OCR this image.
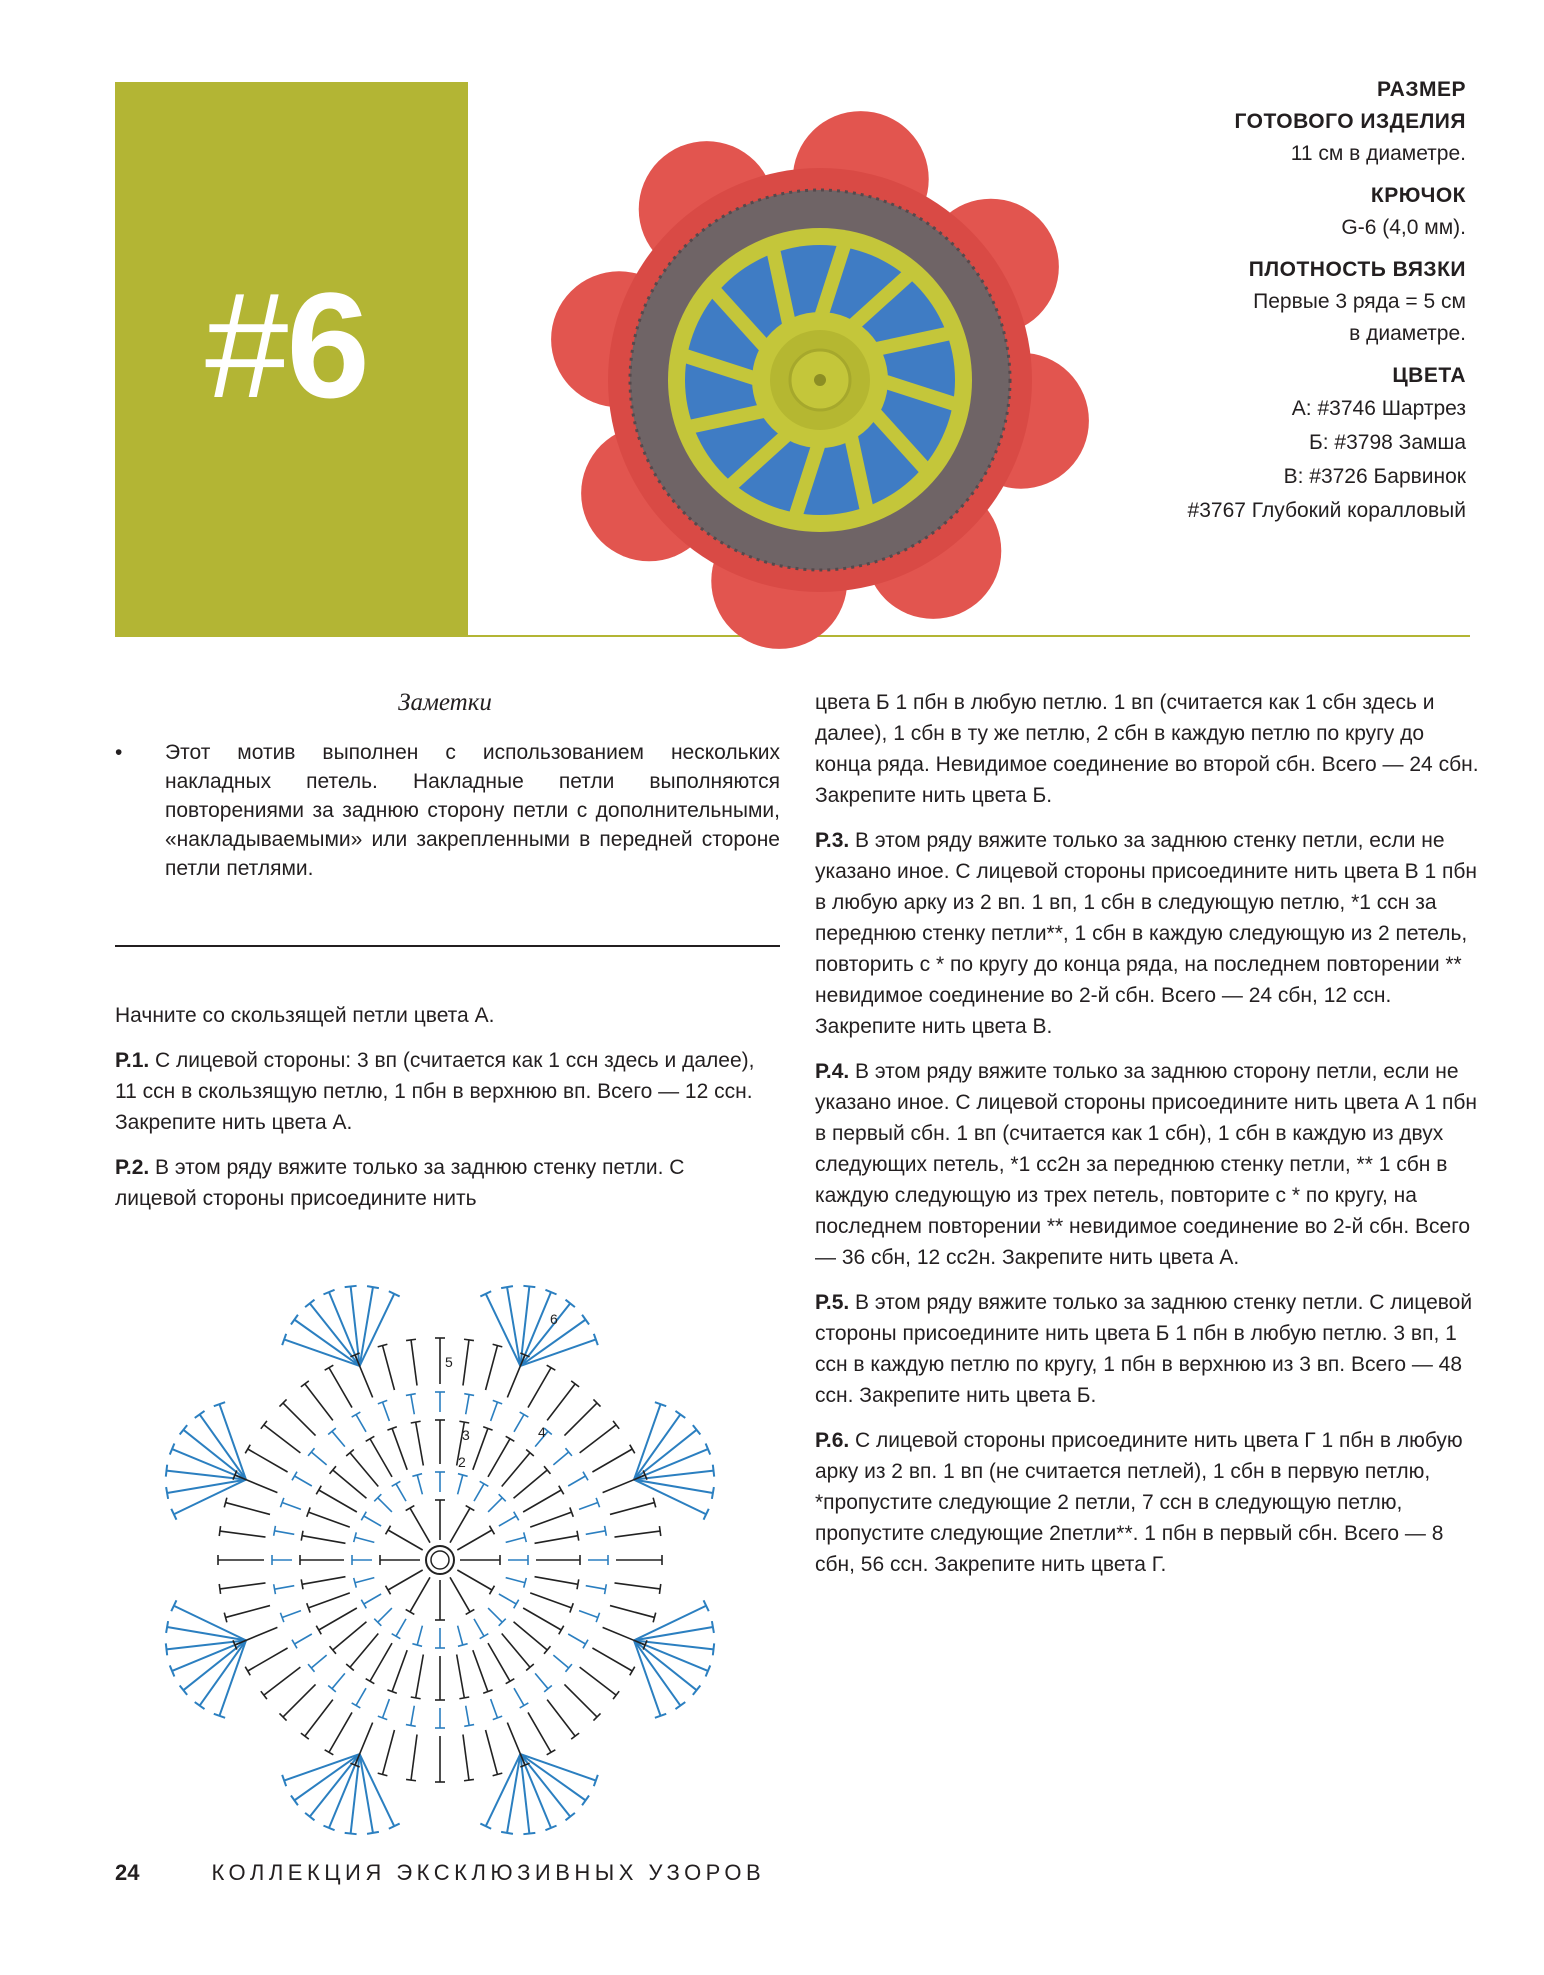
#6
РАЗМЕР
ГОТОВОГО ИЗДЕЛИЯ
11 см в диаметре.
КРЮЧОК
G-6 (4,0 мм).
ПЛОТНОСТЬ ВЯЗКИ
Первые 3 ряда = 5 см
в диаметре.
ЦВЕТА
А: #3746 Шартрез
Б: #3798 Замша
В: #3726 Барвинок
#3767 Глубокий коралловый
Заметки
• Этот мотив выполнен с использованием нескольких накладных петель. Накладные петли выполняются повторениями за заднюю сторону петли с дополнительными, «накладываемыми» или закрепленными в передней стороне петли петлями.

Начните со скользящей петли цвета А.

Р.1. С лицевой стороны: 3 вп (считается как 1 ссн здесь и далее), 11 ссн в скользящую петлю, 1 пбн в верхнюю вп. Всего — 12 ссн. Закрепите нить цвета А.

Р.2. В этом ряду вяжите только за заднюю стенку петли. С лицевой стороны присоедините нить

цвета Б 1 пбн в любую петлю. 1 вп (считается как 1 сбн здесь и далее), 1 сбн в ту же петлю, 2 сбн в каждую петлю по кругу до конца ряда. Невидимое соединение во второй сбн. Всего — 24 сбн. Закрепите нить цвета Б.

Р.3. В этом ряду вяжите только за заднюю стенку петли, если не указано иное. С лицевой стороны присоедините нить цвета В 1 пбн в любую арку из 2 вп. 1 вп, 1 сбн в следующую петлю, *1 ссн за переднюю стенку петли**, 1 сбн в каждую следующую из 2 петель, повторить с * по кругу до конца ряда, на последнем повторении ** невидимое соединение во 2-й сбн. Всего — 24 сбн, 12 ссн. Закрепите нить цвета В.

Р.4. В этом ряду вяжите только за заднюю сторону петли, если не указано иное. С лицевой стороны присоедините нить цвета А 1 пбн в первый сбн. 1 вп (считается как 1 сбн), 1 сбн в каждую из двух следующих петель, *1 сс2н за переднюю стенку петли, ** 1 сбн в каждую следующую из трех петель, повторите с * по кругу, на последнем повторении ** невидимое соединение во 2-й сбн. Всего — 36 сбн, 12 сс2н. Закрепите нить цвета А.

Р.5. В этом ряду вяжите только за заднюю стенку петли. С лицевой стороны присоедините нить цвета Б 1 пбн в любую петлю. 3 вп, 1 ссн в каждую петлю по кругу, 1 пбн в верхнюю из 3 вп. Всего — 48 ссн. Закрепите нить цвета Б.

Р.6. С лицевой стороны присоедините нить цвета Г 1 пбн в любую арку из 2 вп. 1 вп (не считается петлей), 1 сбн в первую петлю, *пропустите следующие 2 петли, 7 ссн в следующую петлю, пропустите следующие 2петли**. 1 пбн в первый сбн. Всего — 8 сбн, 56 ссн. Закрепите нить цвета Г.

2
3	4
5
6
24	КОЛЛЕКЦИЯ ЭКСКЛЮЗИВНЫХ УЗОРОВ
